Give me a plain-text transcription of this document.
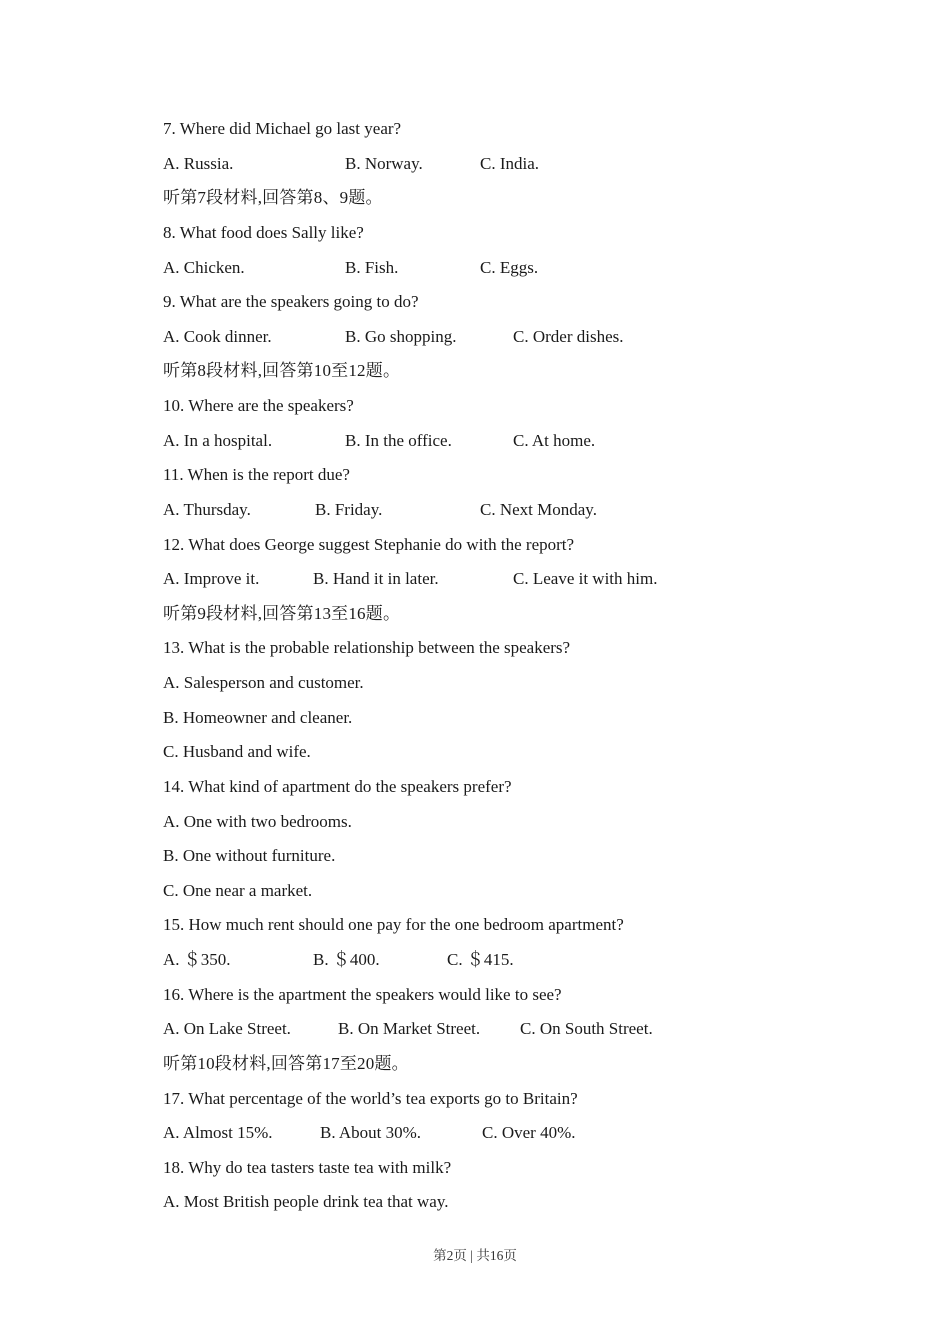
7. Where did Michael go last year?
A. Russia.	B. Norway.	C. India.
听第7段材料,回答第8、9题。
8. What food does Sally like?
A. Chicken.	B. Fish.	C. Eggs.
9. What are the speakers going to do?
A. Cook dinner.	B. Go shopping.	C. Order dishes.
听第8段材料,回答第10至12题。
10. Where are the speakers?
A. In a hospital.	B. In the office.	C. At home.
11. When is the report due?
A. Thursday.	B. Friday.	C. Next Monday.
12. What does George suggest Stephanie do with the report?
A. Improve it.	B. Hand it in later.	C. Leave it with him.
听第9段材料,回答第13至16题。
13. What is the probable relationship between the speakers?
A. Salesperson and customer.
B. Homeowner and cleaner.
C. Husband and wife.
14. What kind of apartment do the speakers prefer?
A. One with two bedrooms.
B. One without furniture.
C. One near a market.
15. How much rent should one pay for the one bedroom apartment?
A. ＄350.	B. ＄400.	C. ＄415.
16. Where is the apartment the speakers would like to see?
A. On Lake Street.	B. On Market Street. C. On South Street.
听第10段材料,回答第17至20题。
17. What percentage of the world’s tea exports go to Britain?
A. Almost 15%.	B. About 30%.	C. Over 40%.
18. Why do tea tasters taste tea with milk?
A. Most British people drink tea that way.
第2页 | 共16页
